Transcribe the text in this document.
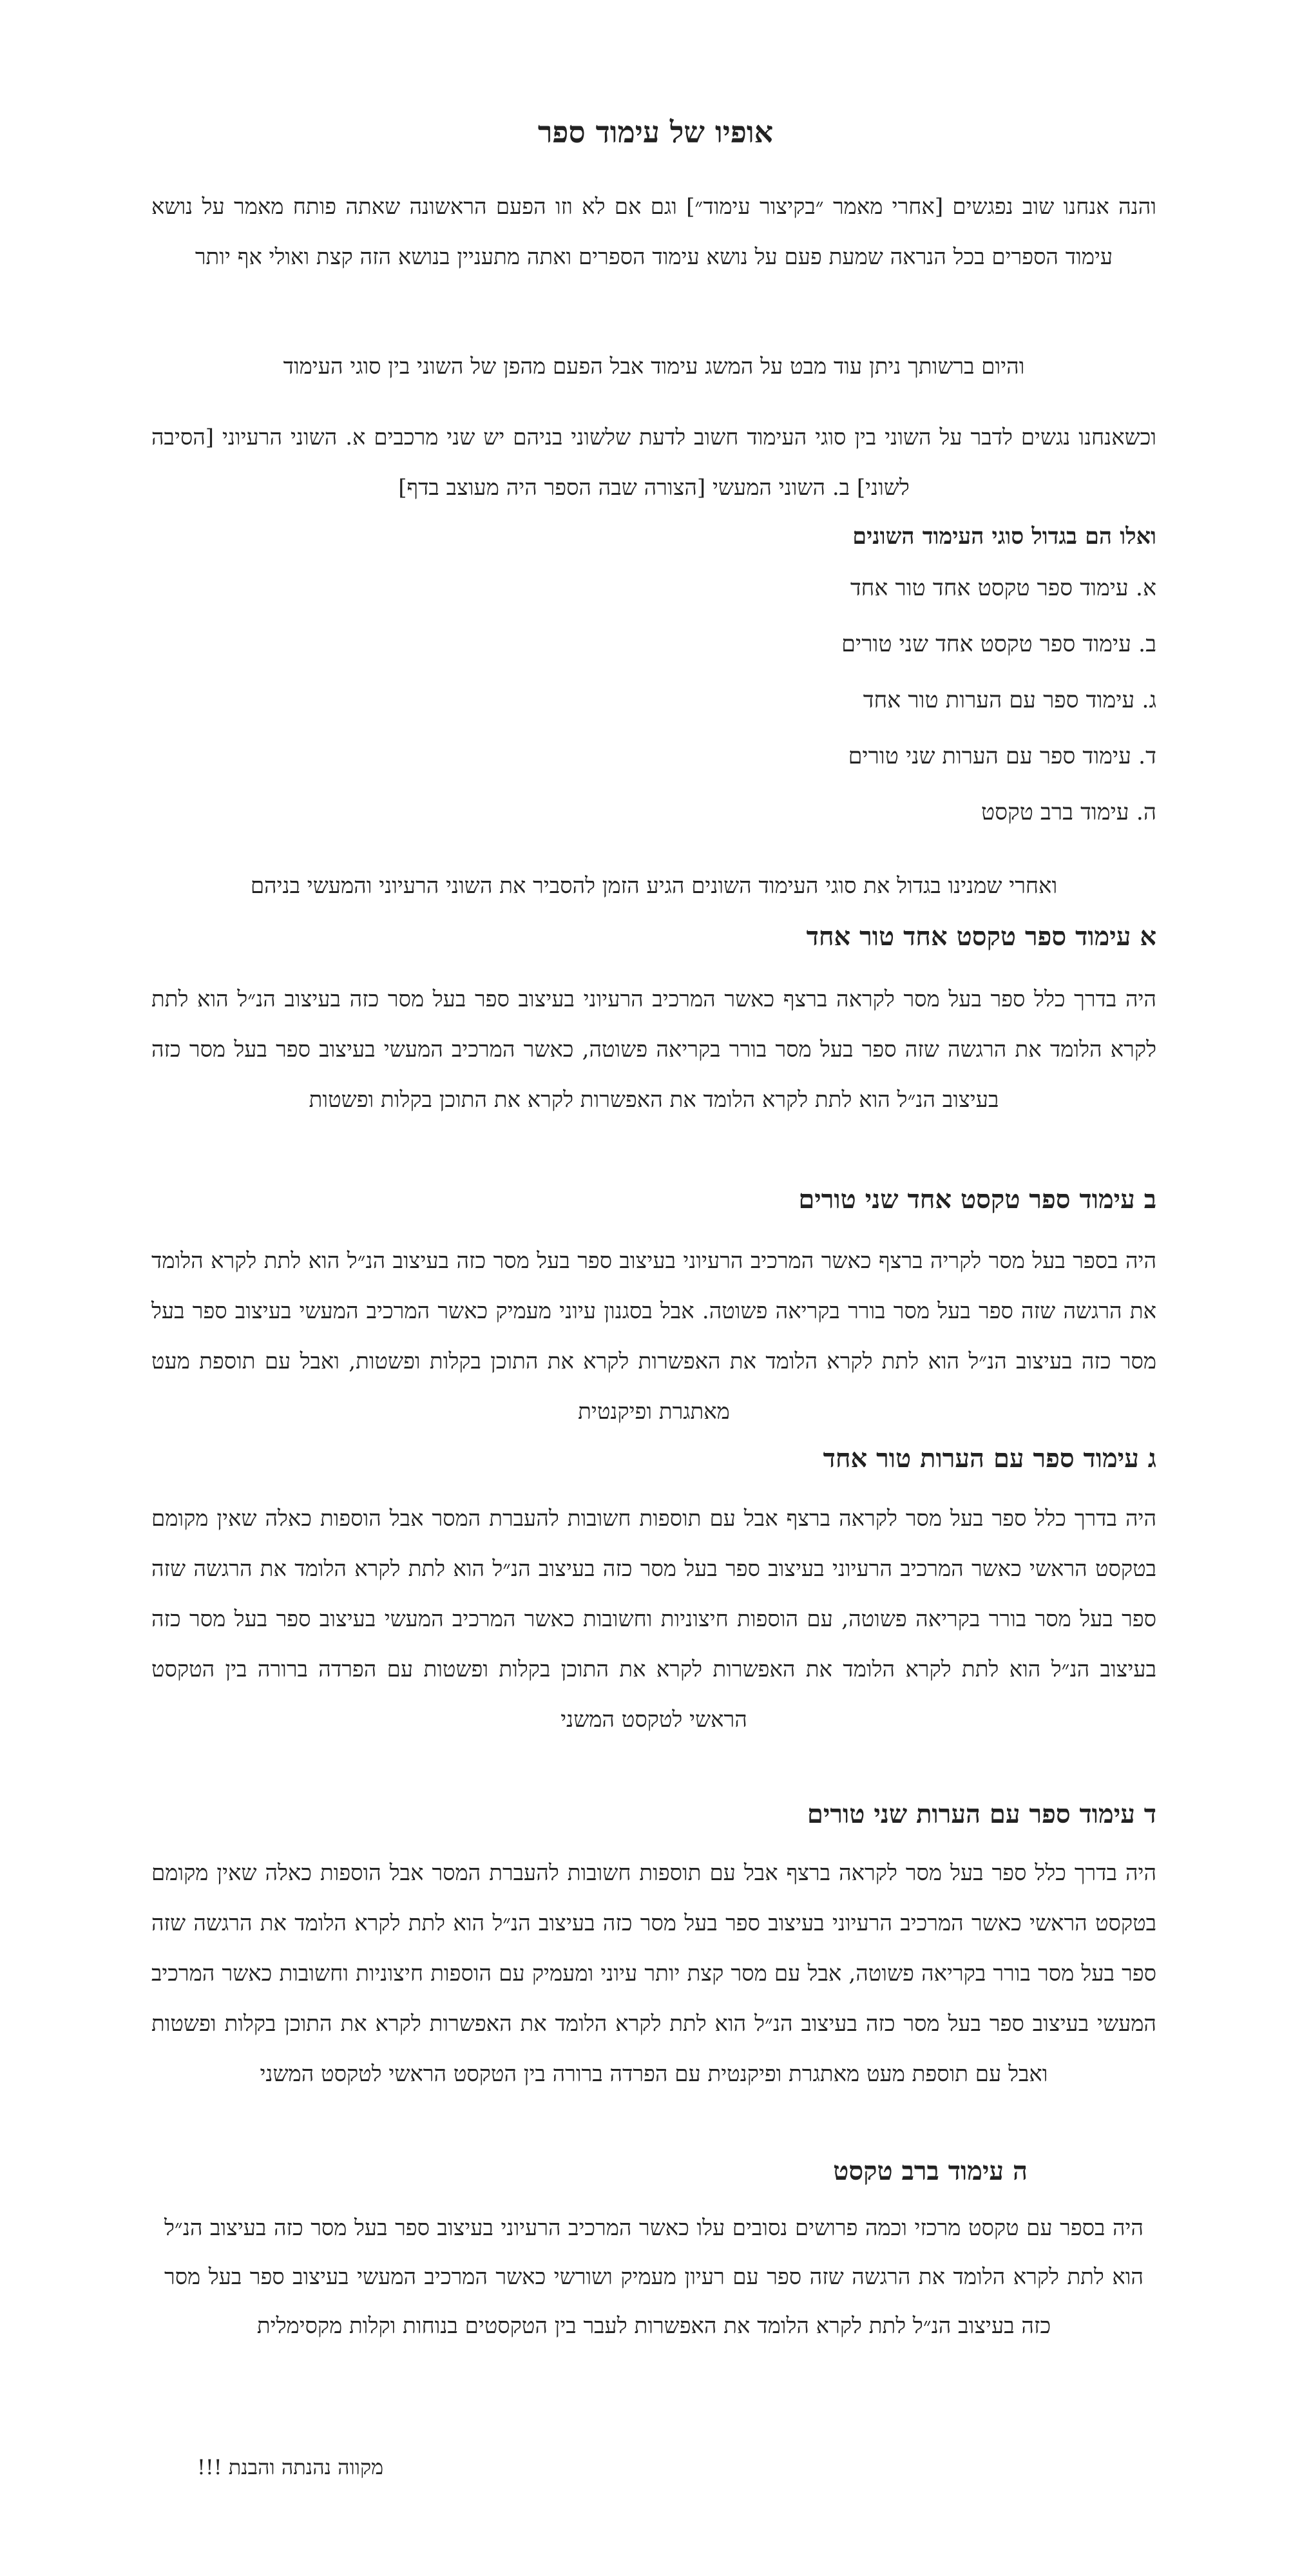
אופיו של עימוד ספר

והנה אנחנו שוב נפגשים [אחרי מאמר ״בקיצור עימוד״] וגם אם לא וזו הפעם הראשונה שאתה פותח מאמר על נושא עימוד הספרים בכל הנראה שמעת פעם על נושא עימוד הספרים ואתה מתעניין בנושא הזה קצת ואולי אף יותר

והיום ברשותך ניתן עוד מבט על המשג עימוד אבל הפעם מהפן של השוני בין סוגי העימוד

וכשאנחנו נגשים לדבר על השוני בין סוגי העימוד חשוב לדעת שלשוני בניהם יש שני מרכבים א. השוני הרעיוני [הסיבה לשוני] ב. השוני המעשי [הצורה שבה הספר היה מעוצב בדף]

ואלו הם בגדול סוגי העימוד השונים
א. עימוד ספר טקסט אחד טור אחד
ב. עימוד ספר טקסט אחד שני טורים
ג. עימוד ספר עם הערות טור אחד
ד. עימוד ספר עם הערות שני טורים
ה. עימוד ברב טקסט

ואחרי שמנינו בגדול את סוגי העימוד השונים הגיע הזמן להסביר את השוני הרעיוני והמעשי בניהם

א עימוד ספר טקסט אחד טור אחד

היה בדרך כלל ספר בעל מסר לקראה ברצף כאשר המרכיב הרעיוני בעיצוב ספר בעל מסר כזה בעיצוב הנ״ל הוא לתת לקרא הלומד את הרגשה שזה ספר בעל מסר בורר בקריאה פשוטה, כאשר המרכיב המעשי בעיצוב ספר בעל מסר כזה בעיצוב הנ״ל הוא לתת לקרא הלומד את האפשרות לקרא את התוכן בקלות ופשטות

ב עימוד ספר טקסט אחד שני טורים

היה בספר בעל מסר לקריה ברצף כאשר המרכיב הרעיוני בעיצוב ספר בעל מסר כזה בעיצוב הנ״ל הוא לתת לקרא הלומד את הרגשה שזה ספר בעל מסר בורר בקריאה פשוטה. אבל בסגנון עיוני מעמיק כאשר המרכיב המעשי בעיצוב ספר בעל מסר כזה בעיצוב הנ״ל הוא לתת לקרא הלומד את האפשרות לקרא את התוכן בקלות ופשטות, ואבל עם תוספת מעט מאתגרת ופיקנטית

ג עימוד ספר עם הערות טור אחד

היה בדרך כלל ספר בעל מסר לקראה ברצף אבל עם תוספות חשובות להעברת המסר אבל הוספות כאלה שאין מקומם בטקסט הראשי כאשר המרכיב הרעיוני בעיצוב ספר בעל מסר כזה בעיצוב הנ״ל הוא לתת לקרא הלומד את הרגשה שזה ספר בעל מסר בורר בקריאה פשוטה, עם הוספות חיצוניות וחשובות כאשר המרכיב המעשי בעיצוב ספר בעל מסר כזה בעיצוב הנ״ל הוא לתת לקרא הלומד את האפשרות לקרא את התוכן בקלות ופשטות עם הפרדה ברורה בין הטקסט הראשי לטקסט המשני

ד עימוד ספר עם הערות שני טורים

היה בדרך כלל ספר בעל מסר לקראה ברצף אבל עם תוספות חשובות להעברת המסר אבל הוספות כאלה שאין מקומם בטקסט הראשי כאשר המרכיב הרעיוני בעיצוב ספר בעל מסר כזה בעיצוב הנ״ל הוא לתת לקרא הלומד את הרגשה שזה ספר בעל מסר בורר בקריאה פשוטה, אבל עם מסר קצת יותר עיוני ומעמיק עם הוספות חיצוניות וחשובות כאשר המרכיב המעשי בעיצוב ספר בעל מסר כזה בעיצוב הנ״ל הוא לתת לקרא הלומד את האפשרות לקרא את התוכן בקלות ופשטות ואבל עם תוספת מעט מאתגרת ופיקנטית עם הפרדה ברורה בין הטקסט הראשי לטקסט המשני

ה עימוד ברב טקסט

היה בספר עם טקסט מרכזי וכמה פרושים נסובים עלו כאשר המרכיב הרעיוני בעיצוב ספר בעל מסר כזה בעיצוב הנ״ל הוא לתת לקרא הלומד את הרגשה שזה ספר עם רעיון מעמיק ושורשי כאשר המרכיב המעשי בעיצוב ספר בעל מסר כזה בעיצוב הנ״ל לתת לקרא הלומד את האפשרות לעבר בין הטקסטים בנוחות וקלות מקסימלית

מקווה נהנתה והבנת !!!
